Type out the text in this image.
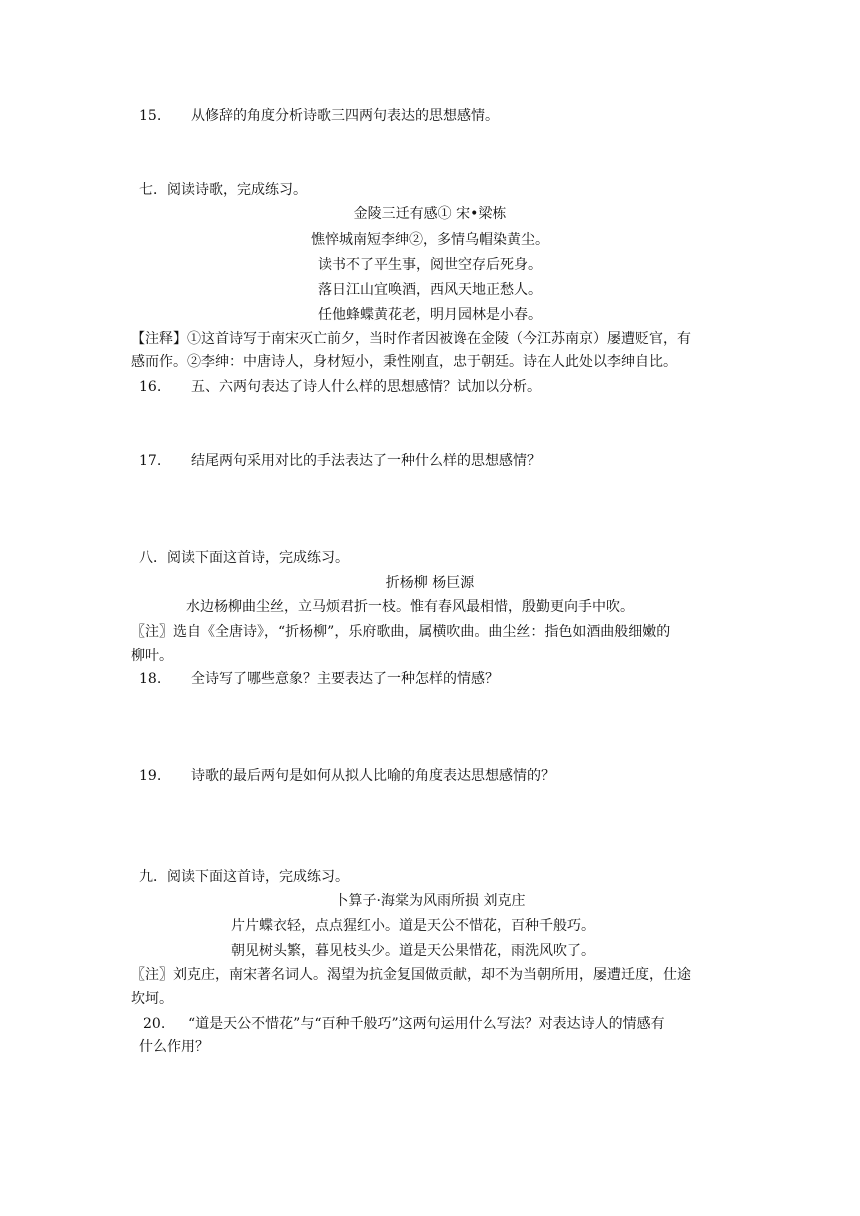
15.	从修辞的角度分析诗歌三四两句表达的思想感情。
七．阅读诗歌，完成练习。
金陵三迁有感① 宋•梁栋
憔悴城南短李绅②，多情乌帽染黄尘。
读书不了平生事，阅世空存后死身。
落日江山宜唤酒，西风天地正愁人。
任他蜂蝶黄花老，明月园林是小春。
【注释】①这首诗写于南宋灭亡前夕，当时作者因被谗在金陵（今江苏南京）屡遭贬官，有
感而作。②李绅：中唐诗人，身材短小，秉性刚直，忠于朝廷。诗在人此处以李绅自比。
16.	五、六两句表达了诗人什么样的思想感情？试加以分析。
17.	结尾两句采用对比的手法表达了一种什么样的思想感情？
八．阅读下面这首诗，完成练习。
折杨柳 杨巨源
水边杨柳曲尘丝，立马烦君折一枝。惟有春风最相惜，殷勤更向手中吹。
〖注〗选自《全唐诗》，“折杨柳”，乐府歌曲，属横吹曲。曲尘丝：指色如酒曲般细嫩的
柳叶。
18.	全诗写了哪些意象？主要表达了一种怎样的情感？
19.	诗歌的最后两句是如何从拟人比喻的角度表达思想感情的？
九．阅读下面这首诗，完成练习。
卜算子·海棠为风雨所损 刘克庄
片片蝶衣轻，点点猩红小。道是天公不惜花，百种千般巧。
朝见树头繁，暮见枝头少。道是天公果惜花，雨洗风吹了。
〖注〗刘克庄，南宋著名词人。渴望为抗金复国做贡献，却不为当朝所用，屡遭迁度，仕途
坎坷。
20.	“道是天公不惜花”与“百种千般巧”这两句运用什么写法？对表达诗人的情感有
什么作用？
